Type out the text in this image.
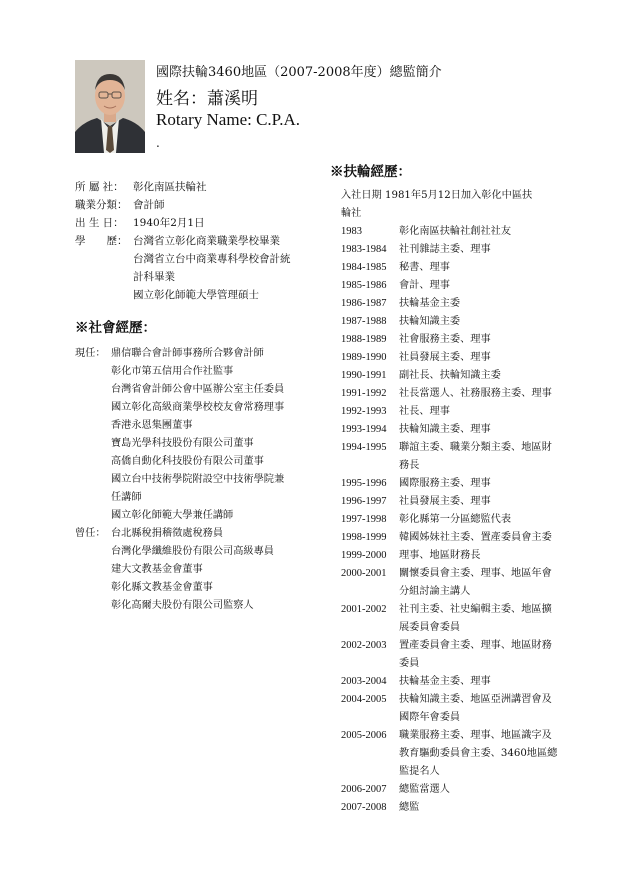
國際扶輪3460地區（2007-2008年度）總監簡介
姓名：蕭溪明
Rotary Name: C.P.A.
.
所 屬 社： 彰化南區扶輪社
職業分類： 會計師
出 生 日： 1940年2月1日
學　　歷： 台灣省立彰化商業職業學校畢業
台灣省立台中商業專科學校會計統
計科畢業
國立彰化師範大學管理碩士
※社會經歷：
現任： 鼎信聯合會計師事務所合夥會計師
彰化市第五信用合作社監事
台灣省會計師公會中區辦公室主任委員
國立彰化高級商業學校校友會常務理事
香港永恩集團董事
寶島光學科技股份有限公司董事
高僑自動化科技股份有限公司董事
國立台中技術學院附設空中技術學院兼
任講師
國立彰化師範大學兼任講師
曾任： 台北縣稅捐稽徵處稅務員
台灣化學纖維股份有限公司高級專員
建大文教基金會董事
彰化縣文教基金會董事
彰化高爾夫股份有限公司監察人
※扶輪經歷：
入社日期 1981年5月12日加入彰化中區扶
輪社
1983	彰化南區扶輪社創社社友
1983-1984	社刊雜誌主委、理事
1984-1985	秘書、理事
1985-1986	會計、理事
1986-1987	扶輪基金主委
1987-1988	扶輪知識主委
1988-1989	社會服務主委、理事
1989-1990	社員發展主委、理事
1990-1991	副社長、扶輪知識主委
1991-1992	社長當選人、社務服務主委、理事
1992-1993	社長、理事
1993-1994	扶輪知識主委、理事
1994-1995	聯誼主委、職業分類主委、地區財
務長
1995-1996	國際服務主委、理事
1996-1997	社員發展主委、理事
1997-1998	彰化縣第一分區總監代表
1998-1999	韓國姊妹社主委、置產委員會主委
1999-2000	理事、地區財務長
2000-2001	關懷委員會主委、理事、地區年會
分組討論主講人
2001-2002	社刊主委、社史編輯主委、地區擴
展委員會委員
2002-2003	置產委員會主委、理事、地區財務
委員
2003-2004	扶輪基金主委、理事
2004-2005	扶輪知識主委、地區亞洲講習會及
國際年會委員
2005-2006	職業服務主委、理事、地區識字及
教育驅動委員會主委、3460地區總
監提名人
2006-2007	總監當選人
2007-2008	總監
